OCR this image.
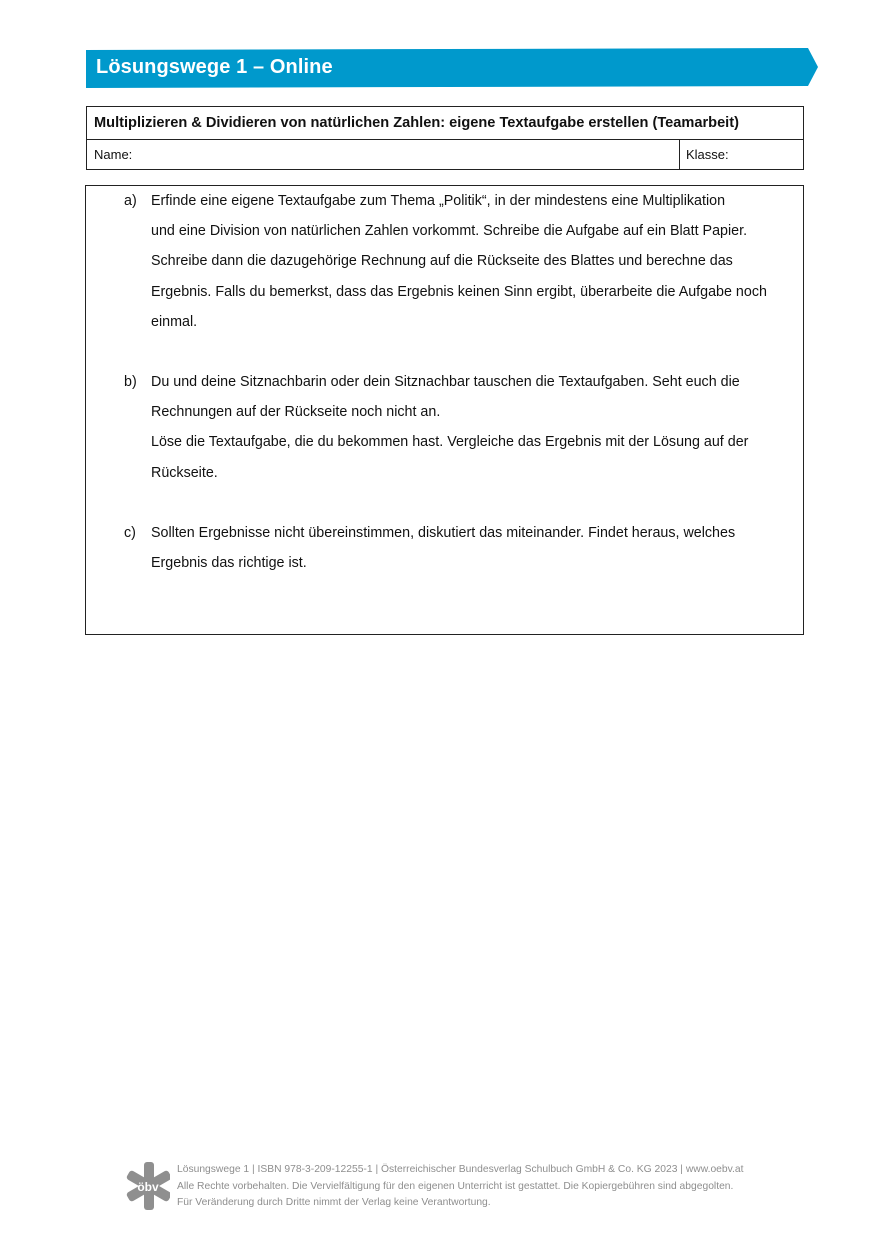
Lösungswege 1 – Online
Multiplizieren & Dividieren von natürlichen Zahlen: eigene Textaufgabe erstellen (Teamarbeit)
Name:	Klasse:
a) Erfinde eine eigene Textaufgabe zum Thema „Politik“, in der mindestens eine Multiplikation
und eine Division von natürlichen Zahlen vorkommt. Schreibe die Aufgabe auf ein Blatt Papier.
Schreibe dann die dazugehörige Rechnung auf die Rückseite des Blattes und berechne das
Ergebnis. Falls du bemerkst, dass das Ergebnis keinen Sinn ergibt, überarbeite die Aufgabe noch
einmal.
b) Du und deine Sitznachbarin oder dein Sitznachbar tauschen die Textaufgaben. Seht euch die
Rechnungen auf der Rückseite noch nicht an.
Löse die Textaufgabe, die du bekommen hast. Vergleiche das Ergebnis mit der Lösung auf der
Rückseite.
c) Sollten Ergebnisse nicht übereinstimmen, diskutiert das miteinander. Findet heraus, welches
Ergebnis das richtige ist.
öbv
Lösungswege 1 | ISBN 978-3-209-12255-1 | Österreichischer Bundesverlag Schulbuch GmbH & Co. KG 2023 | www.oebv.at
Alle Rechte vorbehalten. Die Vervielfältigung für den eigenen Unterricht ist gestattet. Die Kopiergebühren sind abgegolten.
Für Veränderung durch Dritte nimmt der Verlag keine Verantwortung.
